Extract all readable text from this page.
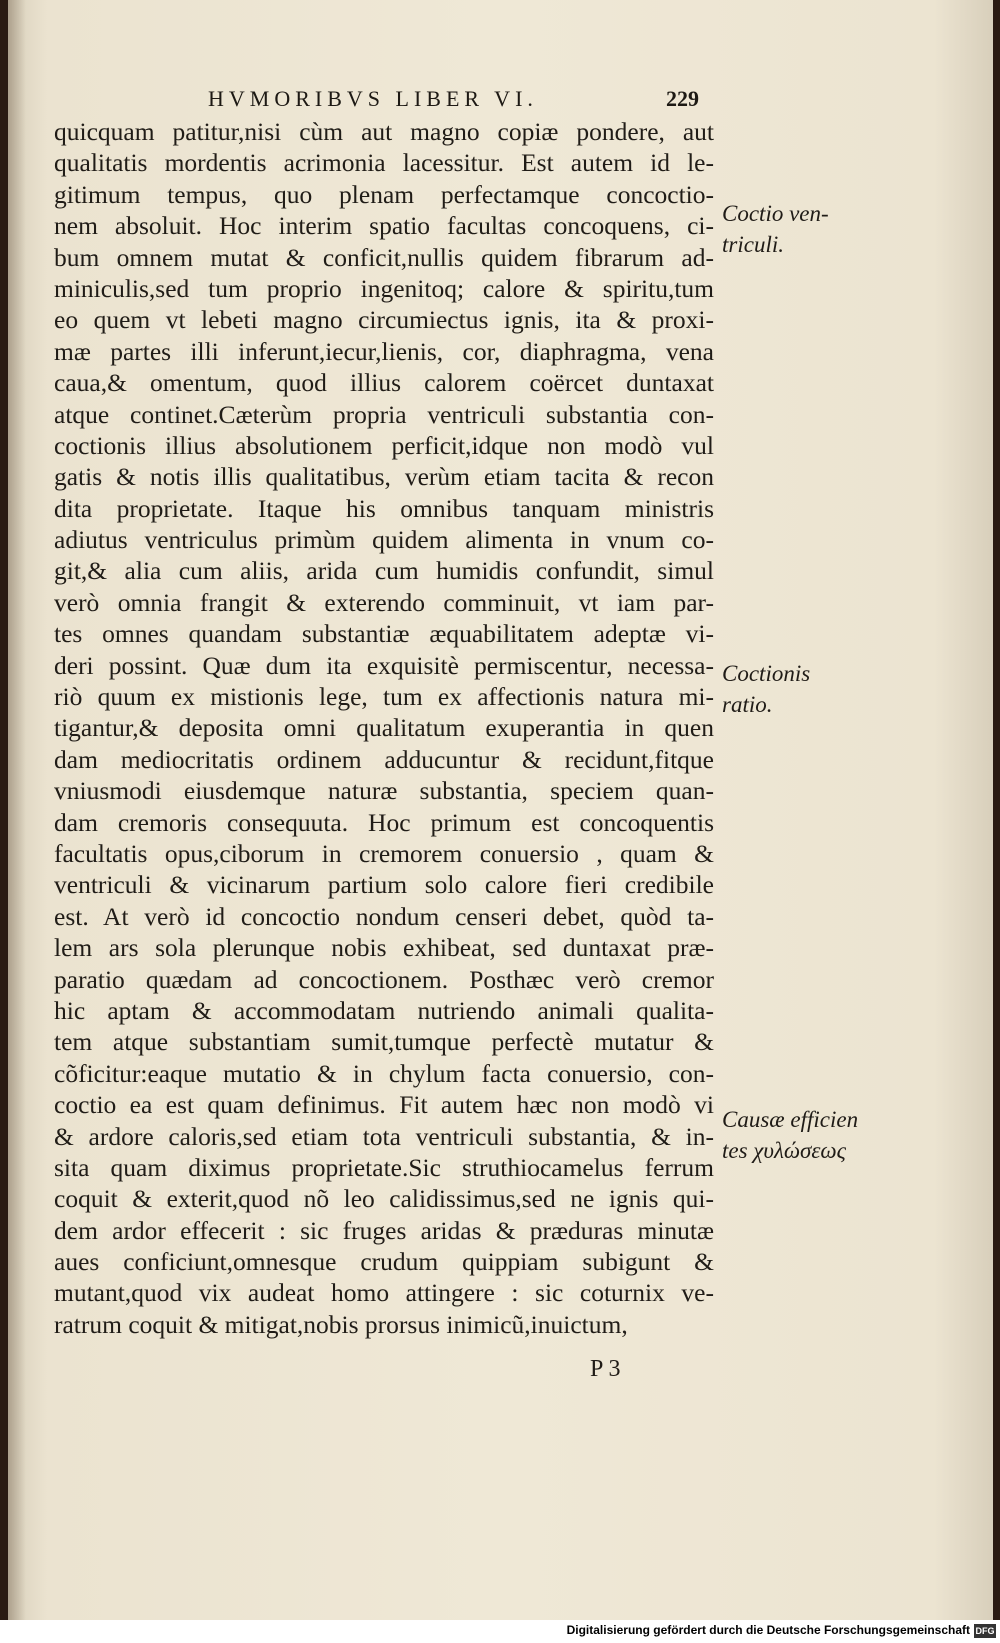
HVMORIBVS LIBER VI.	229
quicquam patitur,nisi cùm aut magno copiæ pondere, aut
qualitatis mordentis acrimonia lacessitur. Est autem id le-
gitimum tempus, quo plenam perfectamque concoctio-
nem absoluit. Hoc interim spatio facultas concoquens, ci-
bum omnem mutat & conficit,nullis quidem fibrarum ad-
miniculis,sed tum proprio ingenitoq; calore & spiritu,tum
eo quem vt lebeti magno circumiectus ignis, ita & proxi-
mæ partes illi inferunt,iecur,lienis, cor, diaphragma, vena
caua,& omentum, quod illius calorem coërcet duntaxat
atque continet.Cæterùm propria ventriculi substantia con-
coctionis illius absolutionem perficit,idque non modò vul
gatis & notis illis qualitatibus, verùm etiam tacita & recon
dita proprietate. Itaque his omnibus tanquam ministris
adiutus ventriculus primùm quidem alimenta in vnum co-
git,& alia cum aliis, arida cum humidis confundit, simul
verò omnia frangit & exterendo comminuit, vt iam par-
tes omnes quandam substantiæ æquabilitatem adeptæ vi-
deri possint. Quæ dum ita exquisitè permiscentur, necessa-
riò quum ex mistionis lege, tum ex affectionis natura mi-
tigantur,& deposita omni qualitatum exuperantia in quen
dam mediocritatis ordinem adducuntur & recidunt,fitque
vniusmodi eiusdemque naturæ substantia, speciem quan-
dam cremoris consequuta. Hoc primum est concoquentis
facultatis opus,ciborum in cremorem conuersio , quam &
ventriculi & vicinarum partium solo calore fieri credibile
est. At verò id concoctio nondum censeri debet, quòd ta-
lem ars sola plerunque nobis exhibeat, sed duntaxat præ-
paratio quædam ad concoctionem. Posthæc verò cremor
hic aptam & accommodatam nutriendo animali qualita-
tem atque substantiam sumit,tumque perfectè mutatur &
cõficitur:eaque mutatio & in chylum facta conuersio, con-
coctio ea est quam definimus. Fit autem hæc non modò vi
& ardore caloris,sed etiam tota ventriculi substantia, & in-
sita quam diximus proprietate.Sic struthiocamelus ferrum
coquit & exterit,quod nõ leo calidissimus,sed ne ignis qui-
dem ardor effecerit : sic fruges aridas & præduras minutæ
aues conficiunt,omnesque crudum quippiam subigunt &
mutant,quod vix audeat homo attingere : sic coturnix ve-
ratrum coquit & mitigat,nobis prorsus inimicũ,inuictum,
Coctio ven-
triculi.
Coctionis
ratio.
Causæ efficien
tes χυλώσεως
P 3
Digitalisierung gefördert durch die Deutsche Forschungsgemeinschaft DFG
